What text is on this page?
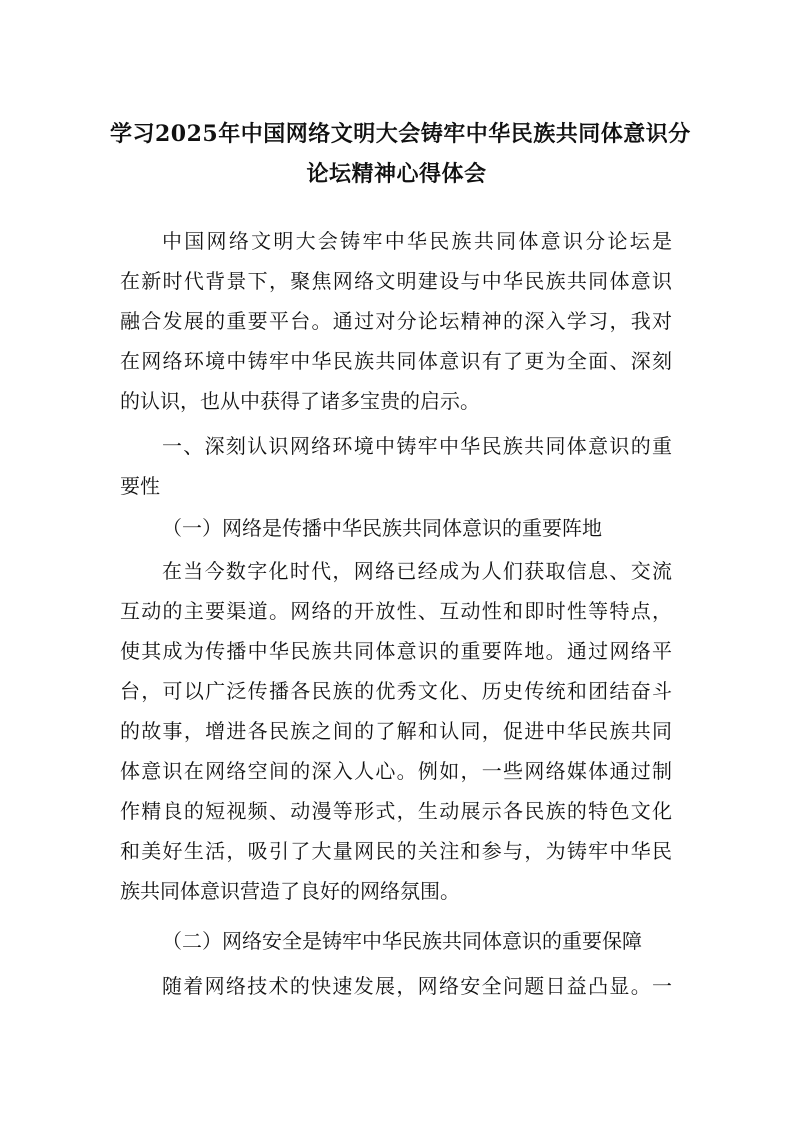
学习2025年中国网络文明大会铸牢中华民族共同体意识分
论坛精神心得体会

中国网络文明大会铸牢中华民族共同体意识分论坛是

在新时代背景下，聚焦网络文明建设与中华民族共同体意识

融合发展的重要平台。通过对分论坛精神的深入学习，我对

在网络环境中铸牢中华民族共同体意识有了更为全面、深刻

的认识，也从中获得了诸多宝贵的启示。

一、深刻认识网络环境中铸牢中华民族共同体意识的重

要性

（一）网络是传播中华民族共同体意识的重要阵地

在当今数字化时代，网络已经成为人们获取信息、交流

互动的主要渠道。网络的开放性、互动性和即时性等特点，

使其成为传播中华民族共同体意识的重要阵地。通过网络平

台，可以广泛传播各民族的优秀文化、历史传统和团结奋斗

的故事，增进各民族之间的了解和认同，促进中华民族共同

体意识在网络空间的深入人心。例如，一些网络媒体通过制

作精良的短视频、动漫等形式，生动展示各民族的特色文化

和美好生活，吸引了大量网民的关注和参与，为铸牢中华民

族共同体意识营造了良好的网络氛围。

（二）网络安全是铸牢中华民族共同体意识的重要保障

随着网络技术的快速发展，网络安全问题日益凸显。一
